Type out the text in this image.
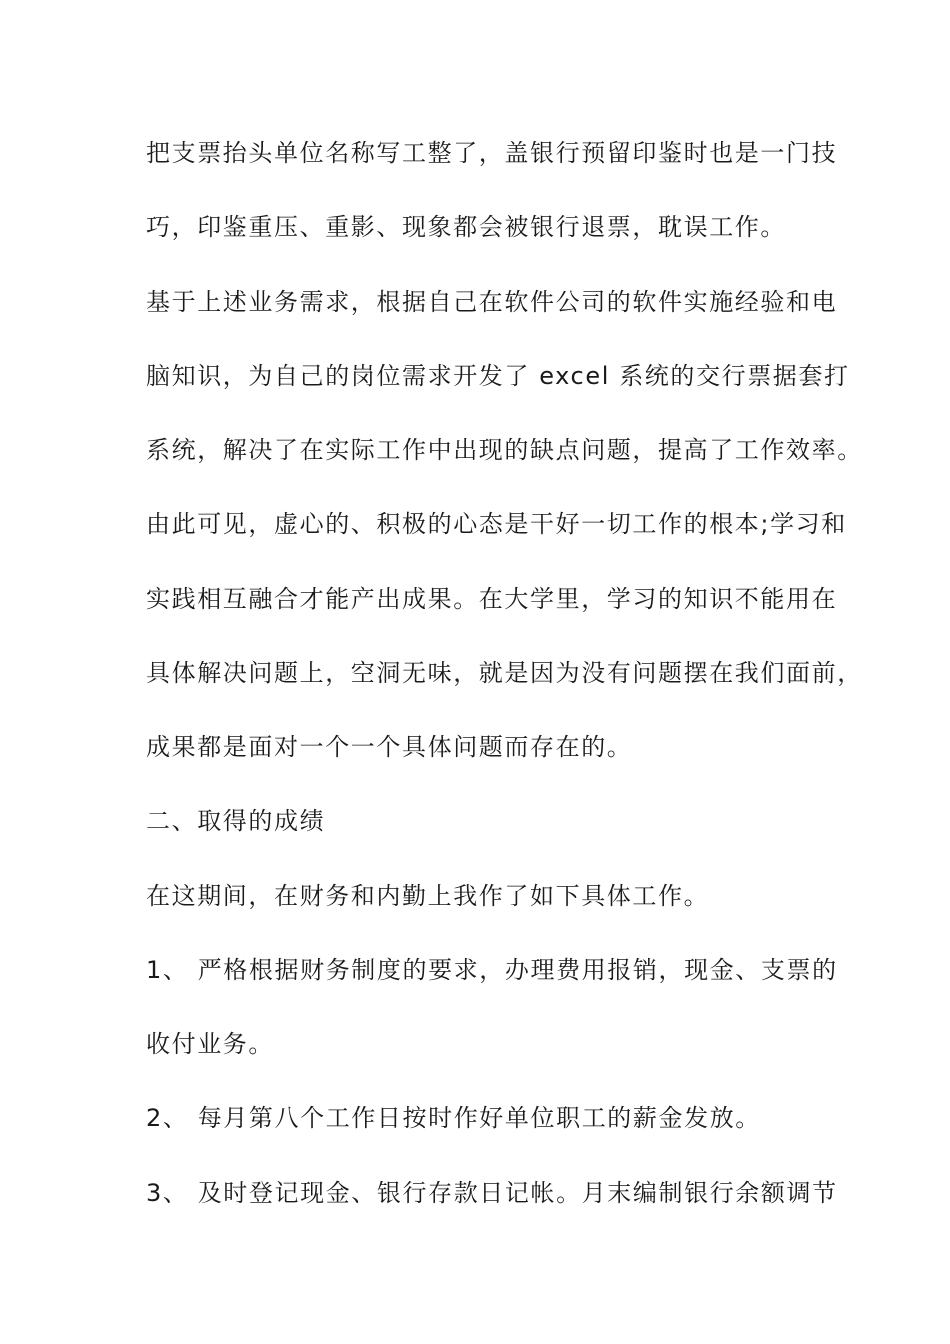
把支票抬头单位名称写工整了，盖银行预留印鉴时也是一门技
巧，印鉴重压、重影、现象都会被银行退票，耽误工作。
基于上述业务需求，根据自己在软件公司的软件实施经验和电
脑知识，为自己的岗位需求开发了 excel 系统的交行票据套打
系统，解决了在实际工作中出现的缺点问题，提高了工作效率。
由此可见，虚心的、积极的心态是干好一切工作的根本;学习和
实践相互融合才能产出成果。在大学里，学习的知识不能用在
具体解决问题上，空洞无味，就是因为没有问题摆在我们面前，
成果都是面对一个一个具体问题而存在的。
二、取得的成绩
在这期间，在财务和内勤上我作了如下具体工作。
1、 严格根据财务制度的要求，办理费用报销，现金、支票的
收付业务。
2、 每月第八个工作日按时作好单位职工的薪金发放。
3、 及时登记现金、银行存款日记帐。月末编制银行余额调节
